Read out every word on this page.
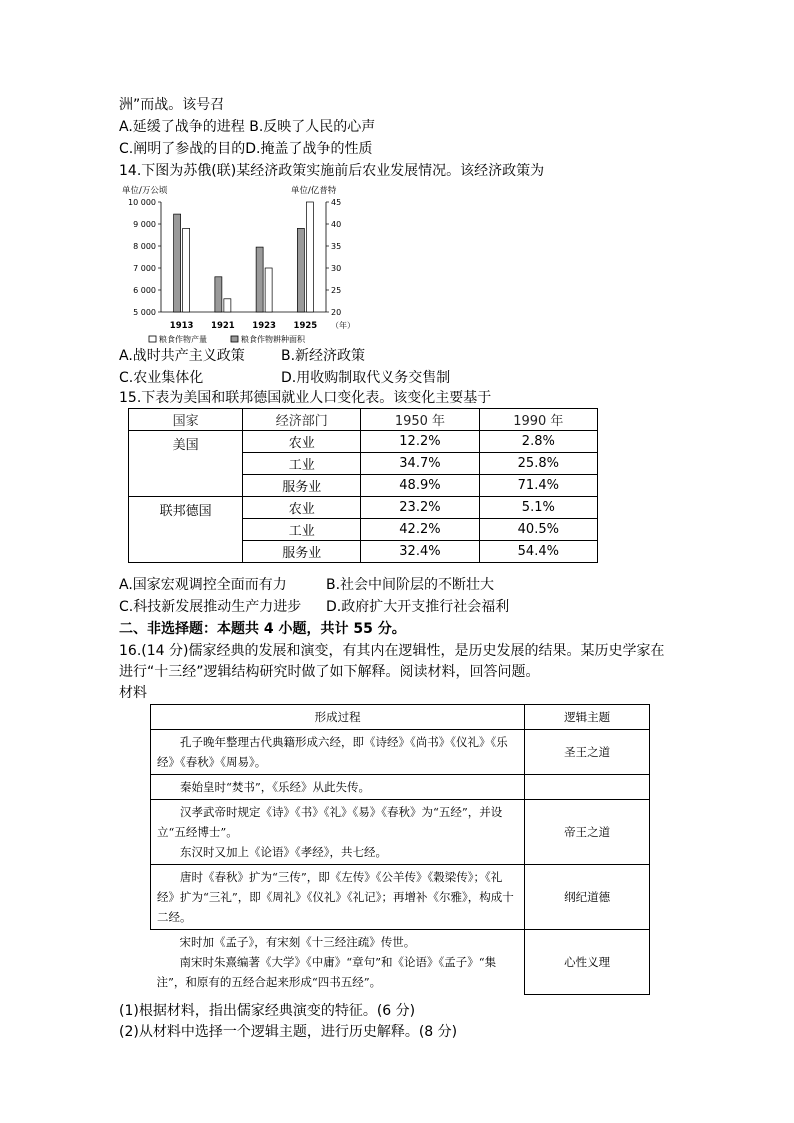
洲”而战。该号召
A.延缓了战争的进程 B.反映了人民的心声
C.阐明了参战的目的D.掩盖了战争的性质
14.下图为苏俄(联)某经济政策实施前后农业发展情况。该经济政策为
单位/万公顷	单位/亿普特
5 000
6 000
7 000
8 000
9 000
10 000
20
25
30
35
40
45
1913 1921 1923 1925 （年）
粮食作物产量	粮食作物耕种面积
A.战时共产主义政策	B.新经济政策
C.农业集体化	D.用收购制取代义务交售制
15.下表为美国和联邦德国就业人口变化表。该变化主要基于
国家	经济部门	1950 年	1990 年
美国	农业	12.2%	2.8%
	工业	34.7%	25.8%
	服务业	48.9%	71.4%
联邦德国	农业	23.2%	5.1%
	工业	42.2%	40.5%
	服务业	32.4%	54.4%
A.国家宏观调控全面而有力	B.社会中间阶层的不断壮大
C.科技新发展推动生产力进步 D.政府扩大开支推行社会福利
二、非选择题：本题共 4 小题，共计 55 分。
16.(14 分)儒家经典的发展和演变，有其内在逻辑性，是历史发展的结果。某历史学家在
进行“十三经”逻辑结构研究时做了如下解释。阅读材料，回答问题。
材料
形成过程	逻辑主题

孔子晚年整理古代典籍形成六经，即《诗经》《尚书》《仪礼》《乐经》《春秋》《周易》。	圣王之道

秦始皇时“焚书”，《乐经》从此失传。	

汉孝武帝时规定《诗》《书》《礼》《易》《春秋》为“五经”，并设立“五经博士”。
东汉时又加上《论语》《孝经》，共七经。	帝王之道

唐时《春秋》扩为“三传”，即《左传》《公羊传》《穀梁传》；《礼经》扩为“三礼”，即《周礼》《仪礼》《礼记》；再增补《尔雅》，构成十二经。	纲纪道德

宋时加《孟子》，有宋刻《十三经注疏》传世。
南宋时朱熹编著《大学》《中庸》“章句”和《论语》《孟子》“集注”，和原有的五经合起来形成“四书五经”。	心性义理
(1)根据材料，指出儒家经典演变的特征。(6 分)
(2)从材料中选择一个逻辑主题，进行历史解释。(8 分)
